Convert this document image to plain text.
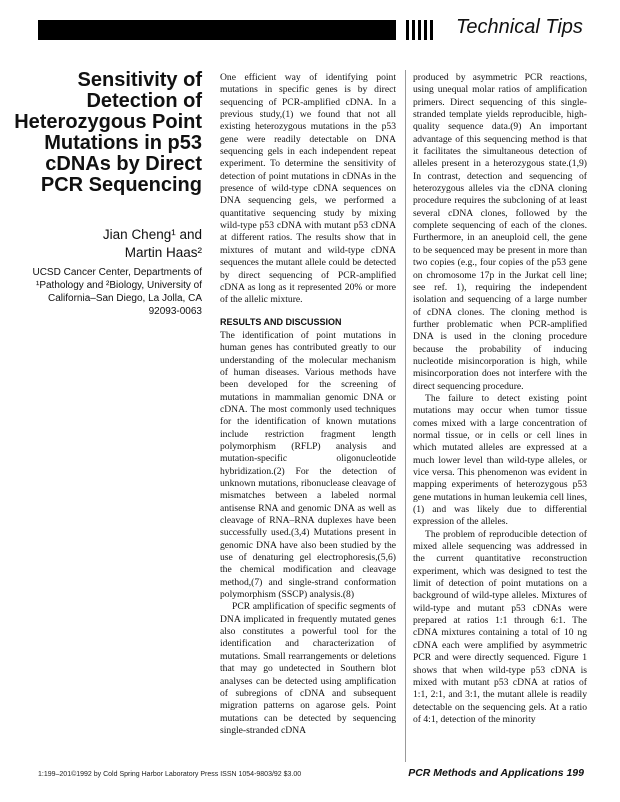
Technical Tips
Sensitivity of Detection of Heterozygous Point Mutations in p53 cDNAs by Direct PCR Sequencing
Jian Cheng¹ and
Martin Haas²
UCSD Cancer Center, Departments of
¹Pathology and ²Biology, University of
California–San Diego, La Jolla, CA
92093-0063

One efficient way of identifying point mutations in specific genes is by direct sequencing of PCR-amplified cDNA. In a previous study,(1) we found that not all existing heterozygous mutations in the p53 gene were readily detectable on DNA sequencing gels in each independent repeat experiment. To determine the sensitivity of detection of point mutations in cDNAs in the presence of wild-type cDNA sequences on DNA sequencing gels, we performed a quantitative sequencing study by mixing wild-type p53 cDNA with mutant p53 cDNA at different ratios. The results show that in mixtures of mutant and wild-type cDNA sequences the mutant allele could be detected by direct sequencing of PCR-amplified cDNA as long as it represented 20% or more of the allelic mixture.

RESULTS AND DISCUSSION

The identification of point mutations in human genes has contributed greatly to our understanding of the molecular mechanism of human diseases. Various methods have been developed for the screening of mutations in mammalian genomic DNA or cDNA. The most commonly used techniques for the identification of known mutations include restriction fragment length polymorphism (RFLP) analysis and mutation-specific oligonucleotide hybridization.(2) For the detection of unknown mutations, ribonuclease cleavage of mismatches between a labeled normal antisense RNA and genomic DNA as well as cleavage of RNA–RNA duplexes have been successfully used.(3,4) Mutations present in genomic DNA have also been studied by the use of denaturing gel electrophoresis,(5,6) the chemical modification and cleavage method,(7) and single-strand conformation polymorphism (SSCP) analysis.(8)

PCR amplification of specific segments of DNA implicated in frequently mutated genes also constitutes a powerful tool for the identification and characterization of mutations. Small rearrangements or deletions that may go undetected in Southern blot analyses can be detected using amplification of subregions of cDNA and subsequent migration patterns on agarose gels. Point mutations can be detected by sequencing single-stranded cDNA

produced by asymmetric PCR reactions, using unequal molar ratios of amplification primers. Direct sequencing of this single-stranded template yields reproducible, high-quality sequence data.(9) An important advantage of this sequencing method is that it facilitates the simultaneous detection of alleles present in a heterozygous state.(1,9) In contrast, detection and sequencing of heterozygous alleles via the cDNA cloning procedure requires the subcloning of at least several cDNA clones, followed by the complete sequencing of each of the clones. Furthermore, in an aneuploid cell, the gene to be sequenced may be present in more than two copies (e.g., four copies of the p53 gene on chromosome 17p in the Jurkat cell line; see ref. 1), requiring the independent isolation and sequencing of a large number of cDNA clones. The cloning method is further problematic when PCR-amplified DNA is used in the cloning procedure because the probability of inducing nucleotide misincorporation is high, while misincorporation does not interfere with the direct sequencing procedure.

The failure to detect existing point mutations may occur when tumor tissue comes mixed with a large concentration of normal tissue, or in cells or cell lines in which mutated alleles are expressed at a much lower level than wild-type alleles, or vice versa. This phenomenon was evident in mapping experiments of heterozygous p53 gene mutations in human leukemia cell lines,(1) and was likely due to differential expression of the alleles.

The problem of reproducible detection of mixed allele sequencing was addressed in the current quantitative reconstruction experiment, which was designed to test the limit of detection of point mutations on a background of wild-type alleles. Mixtures of wild-type and mutant p53 cDNAs were prepared at ratios 1:1 through 6:1. The cDNA mixtures containing a total of 10 ng cDNA each were amplified by asymmetric PCR and were directly sequenced. Figure 1 shows that when wild-type p53 cDNA is mixed with mutant p53 cDNA at ratios of 1:1, 2:1, and 3:1, the mutant allele is readily detectable on the sequencing gels. At a ratio of 4:1, detection of the minority

1:199–201©1992 by Cold Spring Harbor Laboratory Press ISSN 1054-9803/92 $3.00	PCR Methods and Applications 199
